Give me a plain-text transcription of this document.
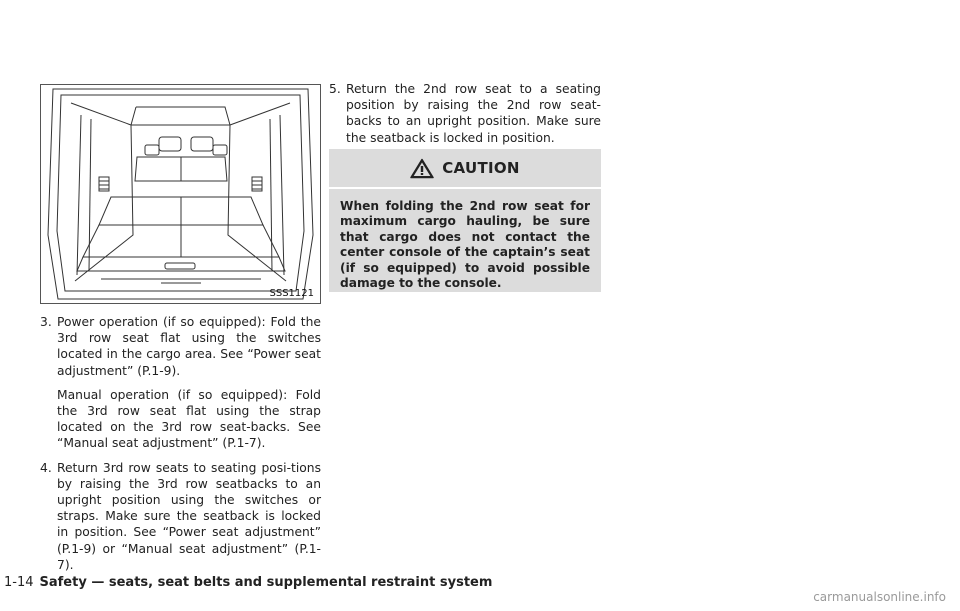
SSS1121
3. Power operation (if so equipped): Fold the 3rd row seat flat using the switches located in the cargo area. See “Power seat adjustment” (P.1-9).

Manual operation (if so equipped): Fold the 3rd row seat flat using the strap located on the 3rd row seat-backs. See “Manual seat adjustment” (P.1-7).

4. Return 3rd row seats to seating posi-tions by raising the 3rd row seatbacks to an upright position using the switches or straps. Make sure the seatback is locked in position. See “Power seat adjustment” (P.1-9) or “Manual seat adjustment” (P.1-7).

5. Return the 2nd row seat to a seating position by raising the 2nd row seat-backs to an upright position. Make sure the seatback is locked in position.

CAUTION
When folding the 2nd row seat for maximum cargo hauling, be sure that cargo does not contact the center console of the captain’s seat (if so equipped) to avoid possible damage to the console.
1-14 Safety — seats, seat belts and supplemental restraint system
carmanualsonline.info
